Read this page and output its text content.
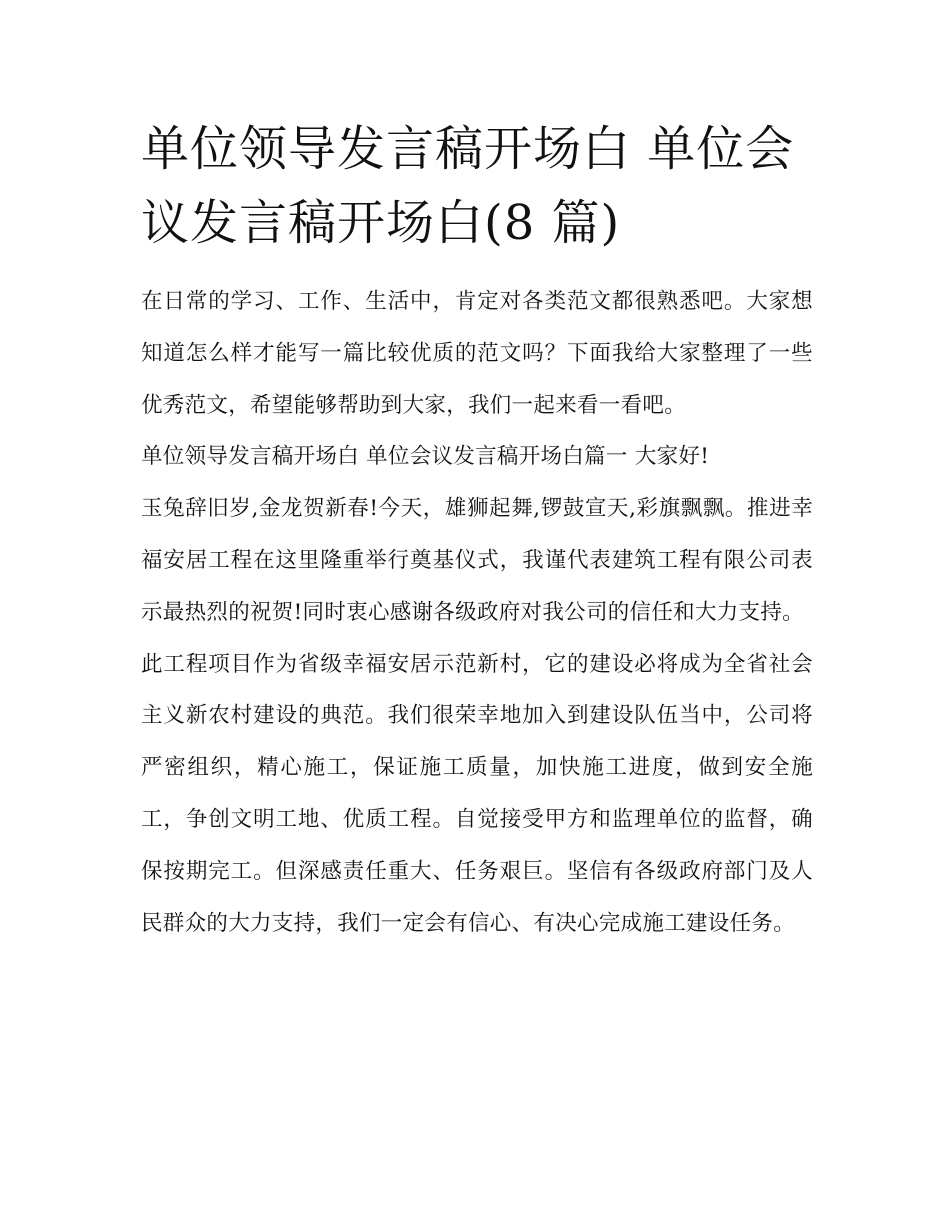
单位领导发言稿开场白 单位会议发言稿开场白(8 篇)

在日常的学习、工作、生活中，肯定对各类范文都很熟悉吧。大家想知道怎么样才能写一篇比较优质的范文吗？下面我给大家整理了一些优秀范文，希望能够帮助到大家，我们一起来看一看吧。

单位领导发言稿开场白 单位会议发言稿开场白篇一 大家好!

玉兔辞旧岁,金龙贺新春!今天，雄狮起舞,锣鼓宣天,彩旗飘飘。推进幸福安居工程在这里隆重举行奠基仪式，我谨代表建筑工程有限公司表示最热烈的祝贺!同时衷心感谢各级政府对我公司的信任和大力支持。

此工程项目作为省级幸福安居示范新村，它的建设必将成为全省社会主义新农村建设的典范。我们很荣幸地加入到建设队伍当中，公司将严密组织，精心施工，保证施工质量，加快施工进度，做到安全施工，争创文明工地、优质工程。自觉接受甲方和监理单位的监督，确保按期完工。但深感责任重大、任务艰巨。坚信有各级政府部门及人民群众的大力支持，我们一定会有信心、有决心完成施工建设任务。
